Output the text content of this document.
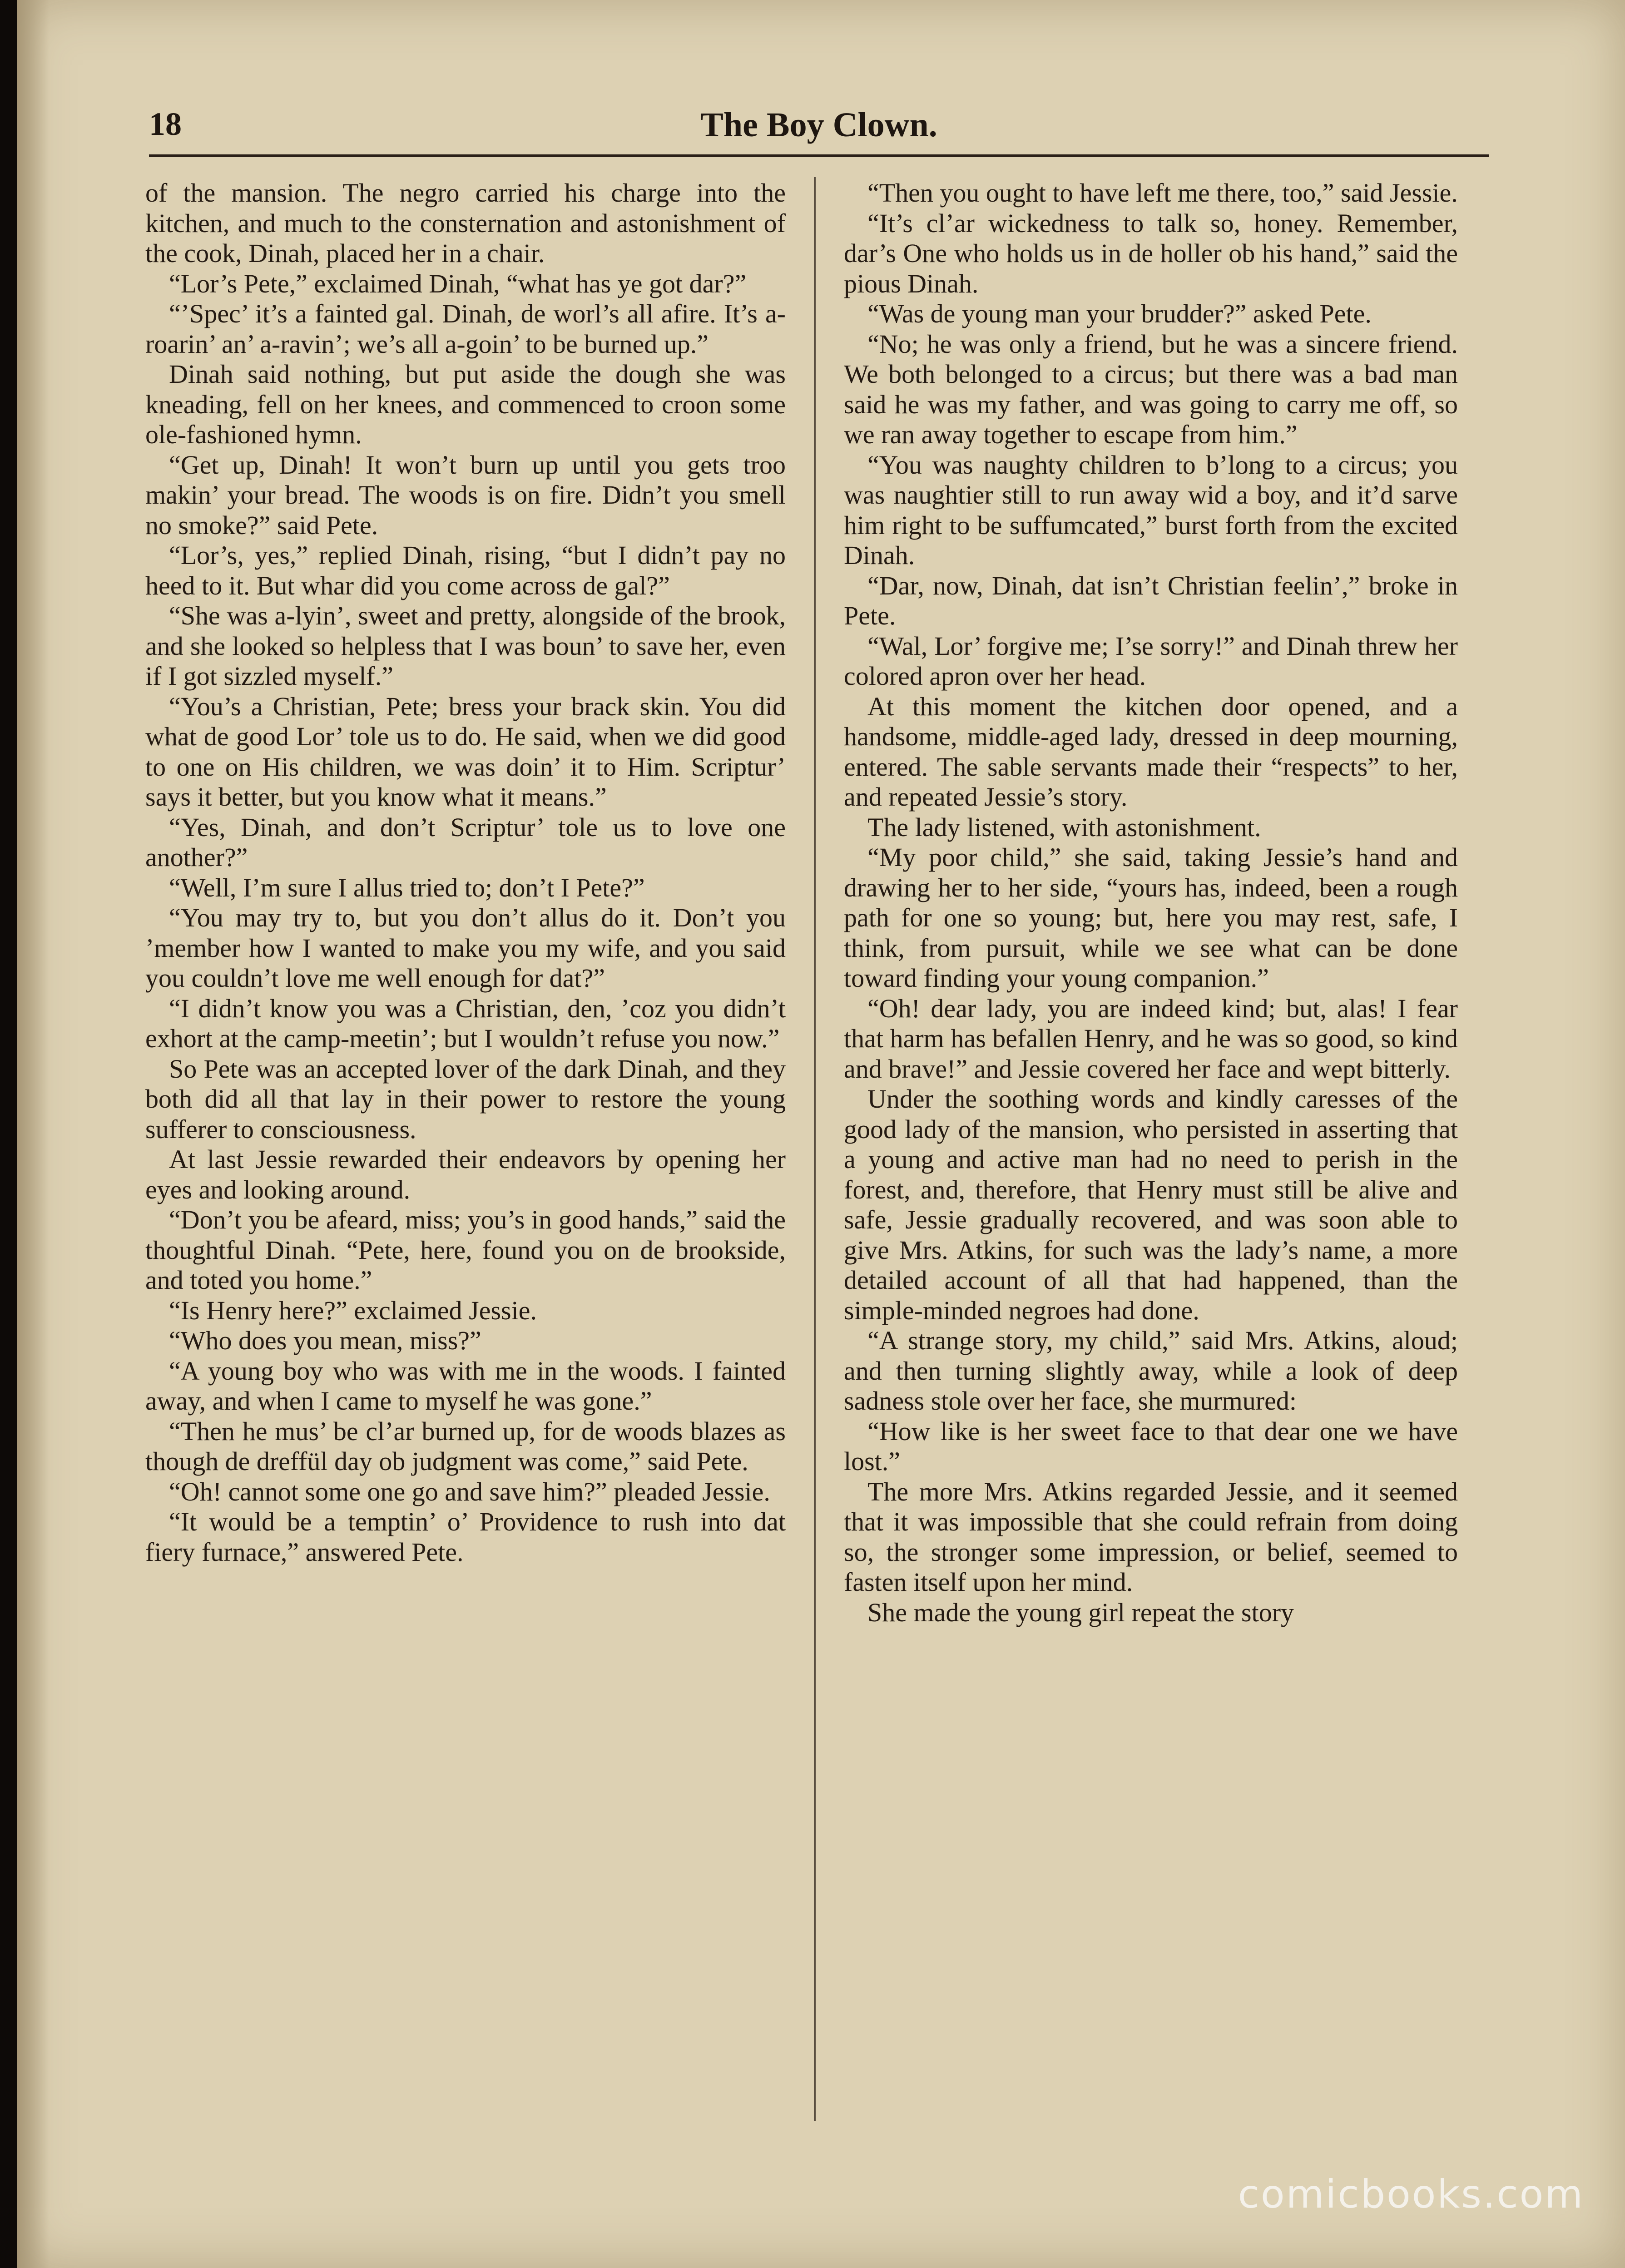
18	The Boy Clown.

of the mansion. The negro carried his charge into the kitchen, and much to the consternation and astonishment of the cook, Dinah, placed her in a chair.

“Lor’s Pete,” exclaimed Dinah, “what has ye got dar?”

“’Spec’ it’s a fainted gal. Dinah, de worl’s all afire. It’s a-roarin’ an’ a-ravin’; we’s all a-goin’ to be burned up.”

Dinah said nothing, but put aside the dough she was kneading, fell on her knees, and commenced to croon some ole-fashioned hymn.

“Get up, Dinah! It won’t burn up until you gets troo makin’ your bread. The woods is on fire. Didn’t you smell no smoke?” said Pete.

“Lor’s, yes,” replied Dinah, rising, “but I didn’t pay no heed to it. But whar did you come across de gal?”

“She was a-lyin’, sweet and pretty, alongside of the brook, and she looked so helpless that I was boun’ to save her, even if I got sizzled myself.”

“You’s a Christian, Pete; bress your brack skin. You did what de good Lor’ tole us to do. He said, when we did good to one on His children, we was doin’ it to Him. Scriptur’ says it better, but you know what it means.”

“Yes, Dinah, and don’t Scriptur’ tole us to love one another?”

“Well, I’m sure I allus tried to; don’t I Pete?”

“You may try to, but you don’t allus do it. Don’t you ’member how I wanted to make you my wife, and you said you couldn’t love me well enough for dat?”

“I didn’t know you was a Christian, den, ’coz you didn’t exhort at the camp-meetin’; but I wouldn’t refuse you now.”

So Pete was an accepted lover of the dark Dinah, and they both did all that lay in their power to restore the young sufferer to consciousness.

At last Jessie rewarded their endeavors by opening her eyes and looking around.

“Don’t you be afeard, miss; you’s in good hands,” said the thoughtful Dinah. “Pete, here, found you on de brookside, and toted you home.”

“Is Henry here?” exclaimed Jessie.

“Who does you mean, miss?”

“A young boy who was with me in the woods. I fainted away, and when I came to myself he was gone.”

“Then he mus’ be cl’ar burned up, for de woods blazes as though de dreffül day ob judgment was come,” said Pete.

“Oh! cannot some one go and save him?” pleaded Jessie.

“It would be a temptin’ o’ Providence to rush into dat fiery furnace,” answered Pete.

“Then you ought to have left me there, too,” said Jessie.

“It’s cl’ar wickedness to talk so, honey. Remember, dar’s One who holds us in de holler ob his hand,” said the pious Dinah.

“Was de young man your brudder?” asked Pete.

“No; he was only a friend, but he was a sincere friend. We both belonged to a circus; but there was a bad man said he was my father, and was going to carry me off, so we ran away together to escape from him.”

“You was naughty children to b’long to a circus; you was naughtier still to run away wid a boy, and it’d sarve him right to be suffumcated,” burst forth from the excited Dinah.

“Dar, now, Dinah, dat isn’t Christian feelin’,” broke in Pete.

“Wal, Lor’ forgive me; I’se sorry!” and Dinah threw her colored apron over her head.

At this moment the kitchen door opened, and a handsome, middle-aged lady, dressed in deep mourning, entered. The sable servants made their “respects” to her, and repeated Jessie’s story.

The lady listened, with astonishment.

“My poor child,” she said, taking Jessie’s hand and drawing her to her side, “yours has, indeed, been a rough path for one so young; but, here you may rest, safe, I think, from pursuit, while we see what can be done toward finding your young companion.”

“Oh! dear lady, you are indeed kind; but, alas! I fear that harm has befallen Henry, and he was so good, so kind and brave!” and Jessie covered her face and wept bitterly.

Under the soothing words and kindly caresses of the good lady of the mansion, who persisted in asserting that a young and active man had no need to perish in the forest, and, therefore, that Henry must still be alive and safe, Jessie gradually recovered, and was soon able to give Mrs. Atkins, for such was the lady’s name, a more detailed account of all that had happened, than the simple-minded negroes had done.

“A strange story, my child,” said Mrs. Atkins, aloud; and then turning slightly away, while a look of deep sadness stole over her face, she murmured:

“How like is her sweet face to that dear one we have lost.”

The more Mrs. Atkins regarded Jessie, and it seemed that it was impossible that she could refrain from doing so, the stronger some impression, or belief, seemed to fasten itself upon her mind.

She made the young girl repeat the story

comicbooks.com
